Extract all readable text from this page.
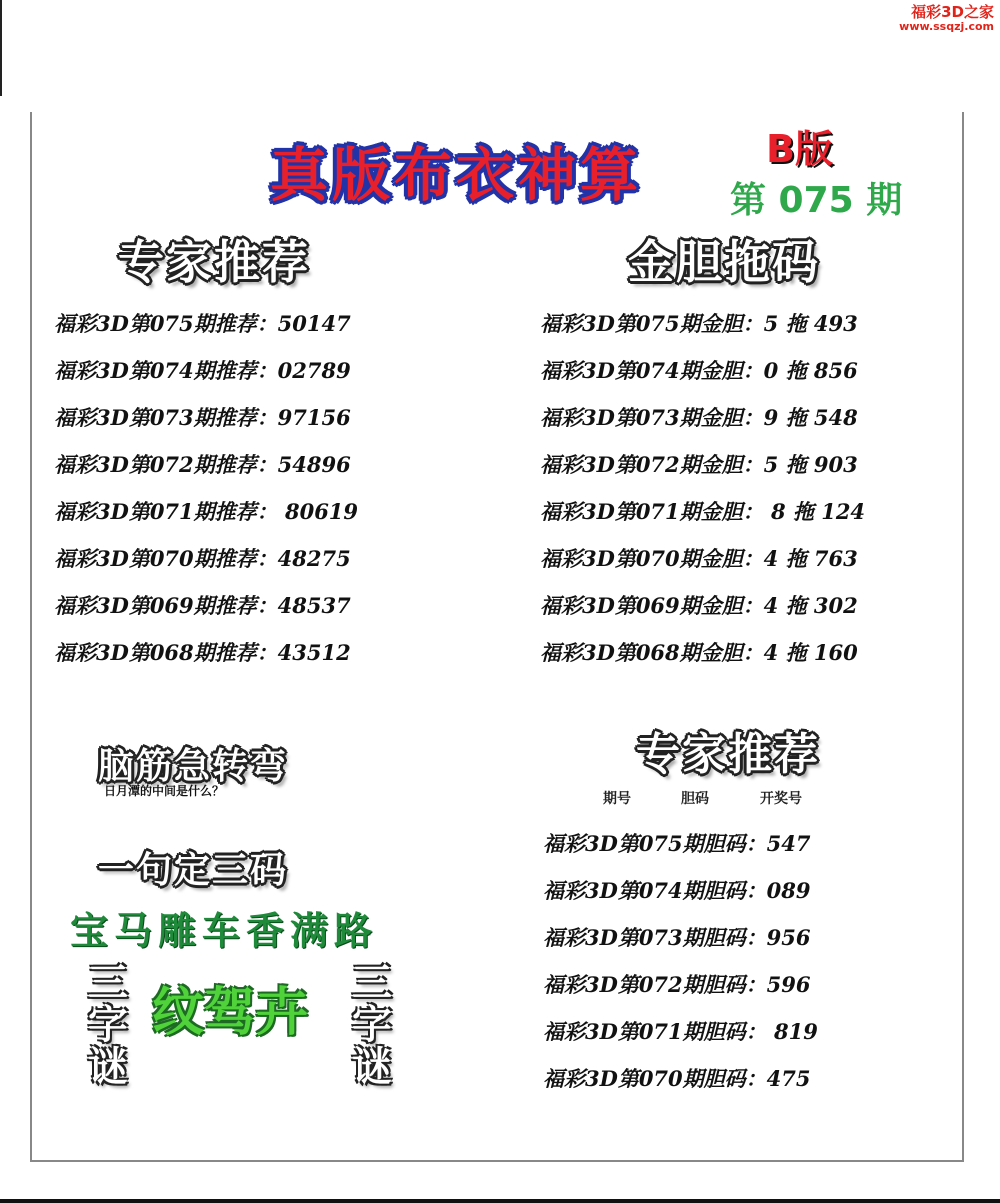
福彩3D之家
www.ssqzj.com
真版布衣神算	B版
第 075 期
专家推荐
福彩3D第075期推荐：50147
福彩3D第074期推荐：02789
福彩3D第073期推荐：97156
福彩3D第072期推荐：54896
福彩3D第071期推荐： 80619
福彩3D第070期推荐：48275
福彩3D第069期推荐：48537
福彩3D第068期推荐：43512
金胆拖码
福彩3D第075期金胆：5 拖 493
福彩3D第074期金胆：0 拖 856
福彩3D第073期金胆：9 拖 548
福彩3D第072期金胆：5 拖 903
福彩3D第071期金胆： 8 拖 124
福彩3D第070期金胆：4 拖 763
福彩3D第069期金胆：4 拖 302
福彩3D第068期金胆：4 拖 160
脑筋急转弯
日月潭的中间是什么？
一句定三码
宝马雕车香满路
三
字
谜
纹驾卉 三
字
谜
专家推荐
期号	胆码	开奖号
福彩3D第075期胆码：547
福彩3D第074期胆码：089
福彩3D第073期胆码：956
福彩3D第072期胆码：596
福彩3D第071期胆码： 819
福彩3D第070期胆码：475
